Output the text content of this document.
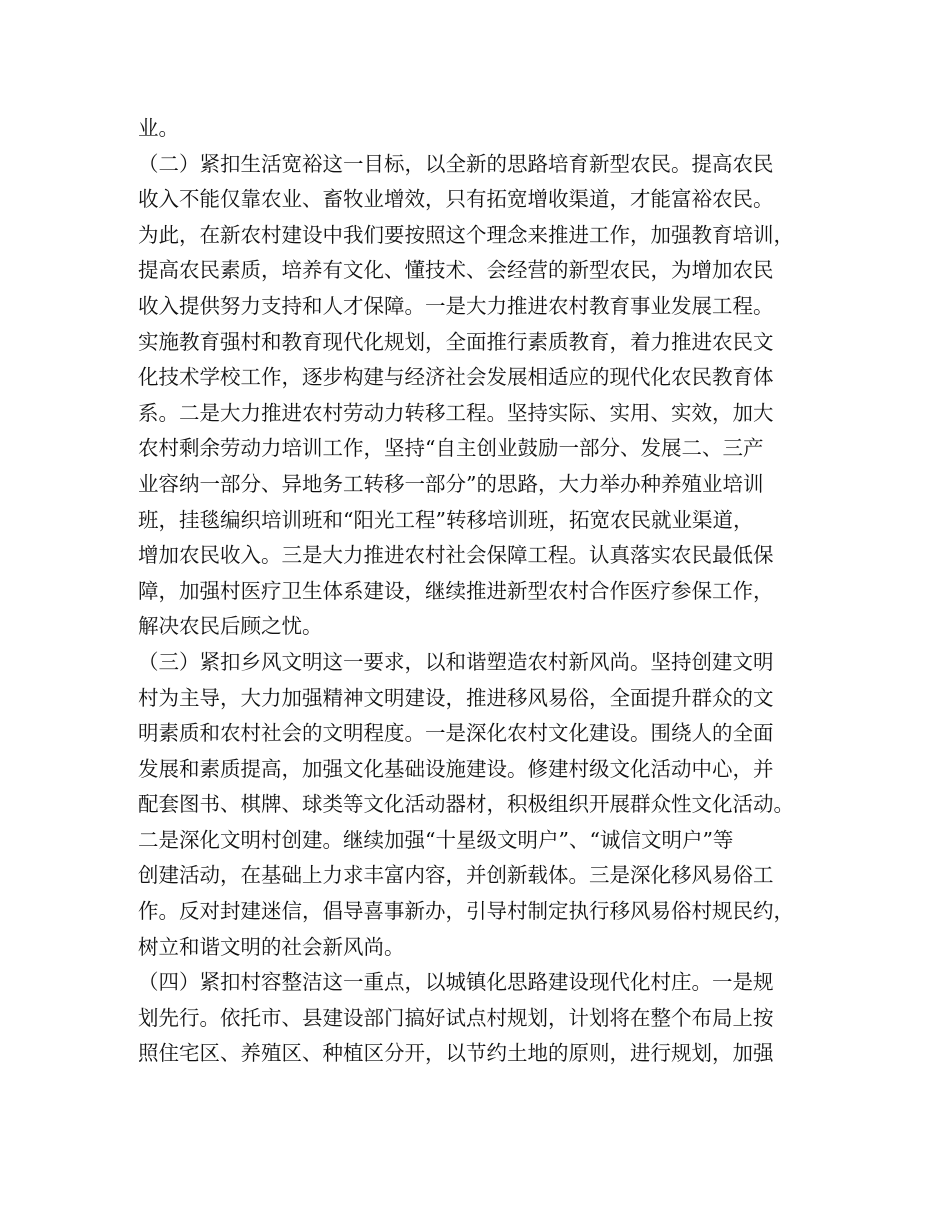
业。
（二）紧扣生活宽裕这一目标，以全新的思路培育新型农民。提高农民
收入不能仅靠农业、畜牧业增效，只有拓宽增收渠道，才能富裕农民。
为此，在新农村建设中我们要按照这个理念来推进工作，加强教育培训，
提高农民素质，培养有文化、懂技术、会经营的新型农民，为增加农民
收入提供努力支持和人才保障。一是大力推进农村教育事业发展工程。
实施教育强村和教育现代化规划，全面推行素质教育，着力推进农民文
化技术学校工作，逐步构建与经济社会发展相适应的现代化农民教育体
系。二是大力推进农村劳动力转移工程。坚持实际、实用、实效，加大
农村剩余劳动力培训工作，坚持“自主创业鼓励一部分、发展二、三产
业容纳一部分、异地务工转移一部分”的思路，大力举办种养殖业培训
班，挂毯编织培训班和“阳光工程”转移培训班，拓宽农民就业渠道，
增加农民收入。三是大力推进农村社会保障工程。认真落实农民最低保
障，加强村医疗卫生体系建设，继续推进新型农村合作医疗参保工作，
解决农民后顾之忧。
（三）紧扣乡风文明这一要求，以和谐塑造农村新风尚。坚持创建文明
村为主导，大力加强精神文明建设，推进移风易俗，全面提升群众的文
明素质和农村社会的文明程度。一是深化农村文化建设。围绕人的全面
发展和素质提高，加强文化基础设施建设。修建村级文化活动中心，并
配套图书、棋牌、球类等文化活动器材，积极组织开展群众性文化活动。
二是深化文明村创建。继续加强“十星级文明户”、“诚信文明户”等
创建活动，在基础上力求丰富内容，并创新载体。三是深化移风易俗工
作。反对封建迷信，倡导喜事新办，引导村制定执行移风易俗村规民约，
树立和谐文明的社会新风尚。
（四）紧扣村容整洁这一重点，以城镇化思路建设现代化村庄。一是规
划先行。依托市、县建设部门搞好试点村规划，计划将在整个布局上按
照住宅区、养殖区、种植区分开，以节约土地的原则，进行规划，加强
